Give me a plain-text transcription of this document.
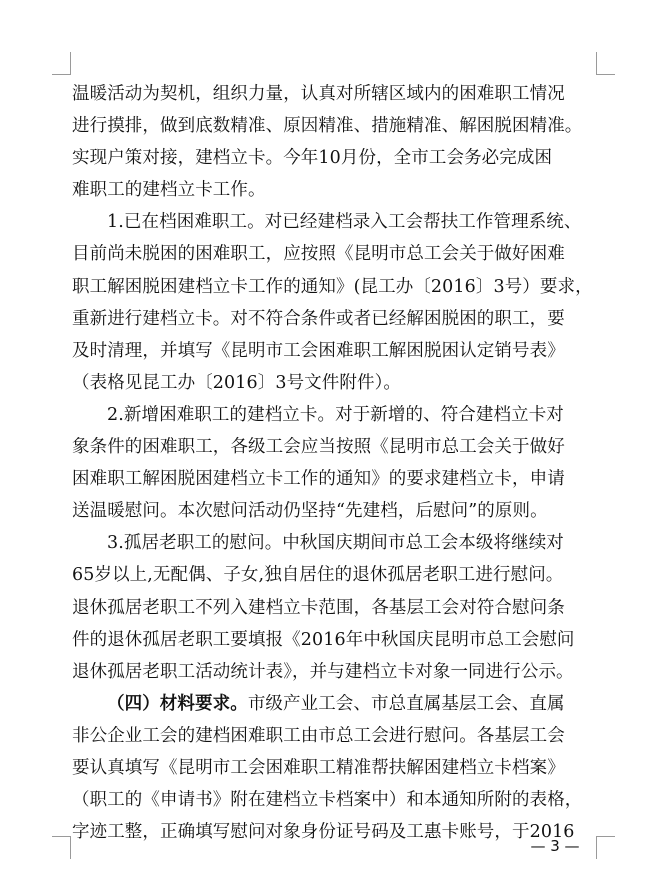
温暖活动为契机，组织力量，认真对所辖区域内的困难职工情况
进行摸排，做到底数精准、原因精准、措施精准、解困脱困精准。
实现户策对接，建档立卡。今年10月份，全市工会务必完成困
难职工的建档立卡工作。
1.已在档困难职工。对已经建档录入工会帮扶工作管理系统、
目前尚未脱困的困难职工，应按照《昆明市总工会关于做好困难
职工解困脱困建档立卡工作的通知》(昆工办〔2016〕3号）要求，
重新进行建档立卡。对不符合条件或者已经解困脱困的职工，要
及时清理，并填写《昆明市工会困难职工解困脱困认定销号表》
（表格见昆工办〔2016〕3号文件附件）。
2.新增困难职工的建档立卡。对于新增的、符合建档立卡对
象条件的困难职工，各级工会应当按照《昆明市总工会关于做好
困难职工解困脱困建档立卡工作的通知》的要求建档立卡，申请
送温暖慰问。本次慰问活动仍坚持“先建档，后慰问”的原则。
3.孤居老职工的慰问。中秋国庆期间市总工会本级将继续对
65岁以上,无配偶、子女,独自居住的退休孤居老职工进行慰问。
退休孤居老职工不列入建档立卡范围，各基层工会对符合慰问条
件的退休孤居老职工要填报《2016年中秋国庆昆明市总工会慰问
退休孤居老职工活动统计表》，并与建档立卡对象一同进行公示。
（四）材料要求。市级产业工会、市总直属基层工会、直属
非公企业工会的建档困难职工由市总工会进行慰问。各基层工会
要认真填写《昆明市工会困难职工精准帮扶解困建档立卡档案》
（职工的《申请书》附在建档立卡档案中）和本通知所附的表格，
字迹工整，正确填写慰问对象身份证号码及工惠卡账号，于2016
— 3 —
